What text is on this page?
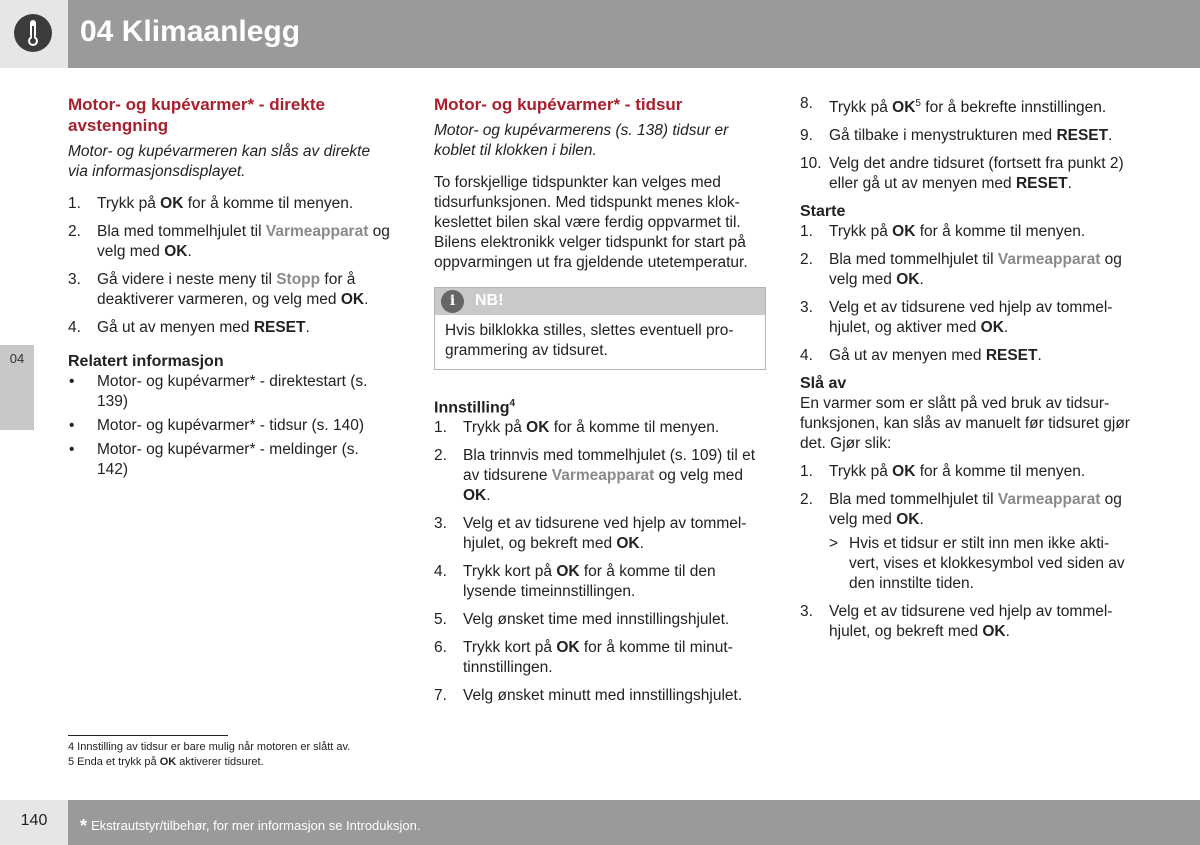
04 Klimaanlegg
04
Motor- og kupévarmer* - direkte avstengning

Motor- og kupévarmeren kan slås av direkte via informasjonsdisplayet.

1. Trykk på OK for å komme til menyen.
2. Bla med tommelhjulet til Varmeapparat og velg med OK.
3. Gå videre i neste meny til Stopp for å deaktiverer varmeren, og velg med OK.
4. Gå ut av menyen med RESET.
Relatert informasjon
• Motor- og kupévarmer* - direktestart (s. 139)
• Motor- og kupévarmer* - tidsur (s. 140)
• Motor- og kupévarmer* - meldinger (s. 142)
Motor- og kupévarmer* - tidsur

Motor- og kupévarmerens (s. 138) tidsur er koblet til klokken i bilen.

To forskjellige tidspunkter kan velges med tidsurfunksjonen. Med tidspunkt menes klok- keslettet bilen skal være ferdig oppvarmet til. Bilens elektronikk velger tidspunkt for start på oppvarmingen ut fra gjeldende utetemperatur.

i	NB!
Hvis bilklokka stilles, slettes eventuell pro- grammering av tidsuret.
Innstilling$^4$
1. Trykk på OK for å komme til menyen.
2. Bla trinnvis med tommelhjulet (s. 109) til et av tidsurene Varmeapparat og velg med OK.
3. Velg et av tidsurene ved hjelp av tommel- hjulet, og bekreft med OK.
4. Trykk kort på OK for å komme til den lysende timeinnstillingen.
5. Velg ønsket time med innstillingshjulet.
6. Trykk kort på OK for å komme til minut- tinnstillingen.
7. Velg ønsket minutt med innstillingshjulet.
8. Trykk på $OK^5$ for å bekrefte innstillingen.
9. Gå tilbake i menystrukturen med RESET.
10. Velg det andre tidsuret (fortsett fra punkt 2) eller gå ut av menyen med RESET.
Starte
1. Trykk på OK for å komme til menyen.
2. Bla med tommelhjulet til Varmeapparat og velg med OK.
3. Velg et av tidsurene ved hjelp av tommel- hjulet, og aktiver med OK.
4. Gå ut av menyen med RESET.
Slå av

En varmer som er slått på ved bruk av tidsur- funksjonen, kan slås av manuelt før tidsuret gjør det. Gjør slik:

1. Trykk på OK for å komme til menyen.
2. Bla med tommelhjulet til Varmeapparat og velg med OK.
> Hvis et tidsur er stilt inn men ikke akti- vert, vises et klokkesymbol ved siden av den innstilte tiden.
3. Velg et av tidsurene ved hjelp av tommel- hjulet, og bekreft med OK.
4 Innstilling av tidsur er bare mulig når motoren er slått av.
5 Enda et trykk på OK aktiverer tidsuret.
140	* Ekstrautstyr/tilbehør, for mer informasjon se Introduksjon.
